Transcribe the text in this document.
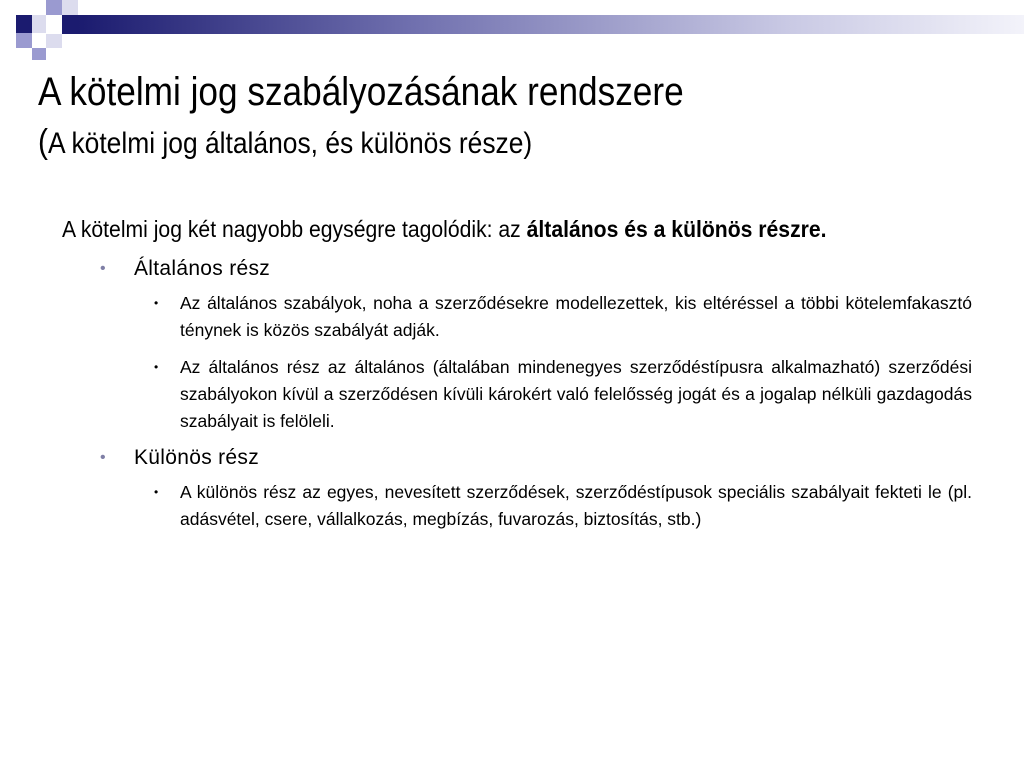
A kötelmi jog szabályozásának rendszere

(A kötelmi jog általános, és különös része)

A kötelmi jog két nagyobb egységre tagolódik: az általános és a különös részre.

• Általános rész
• Az általános szabályok, noha a szerződésekre modellezettek, kis eltéréssel a többi kötelemfakasztó ténynek is közös szabályát adják.
• Az általános rész az általános (általában mindenegyes szerződéstípusra alkalmazható) szerződési szabályokon kívül a szerződésen kívüli károkért való felelősség jogát és a jogalap nélküli gazdagodás szabályait is felöleli.
• Különös rész
• A különös rész az egyes, nevesített szerződések, szerződéstípusok speciális szabályait fekteti le (pl. adásvétel, csere, vállalkozás, megbízás, fuvarozás, biztosítás, stb.)
